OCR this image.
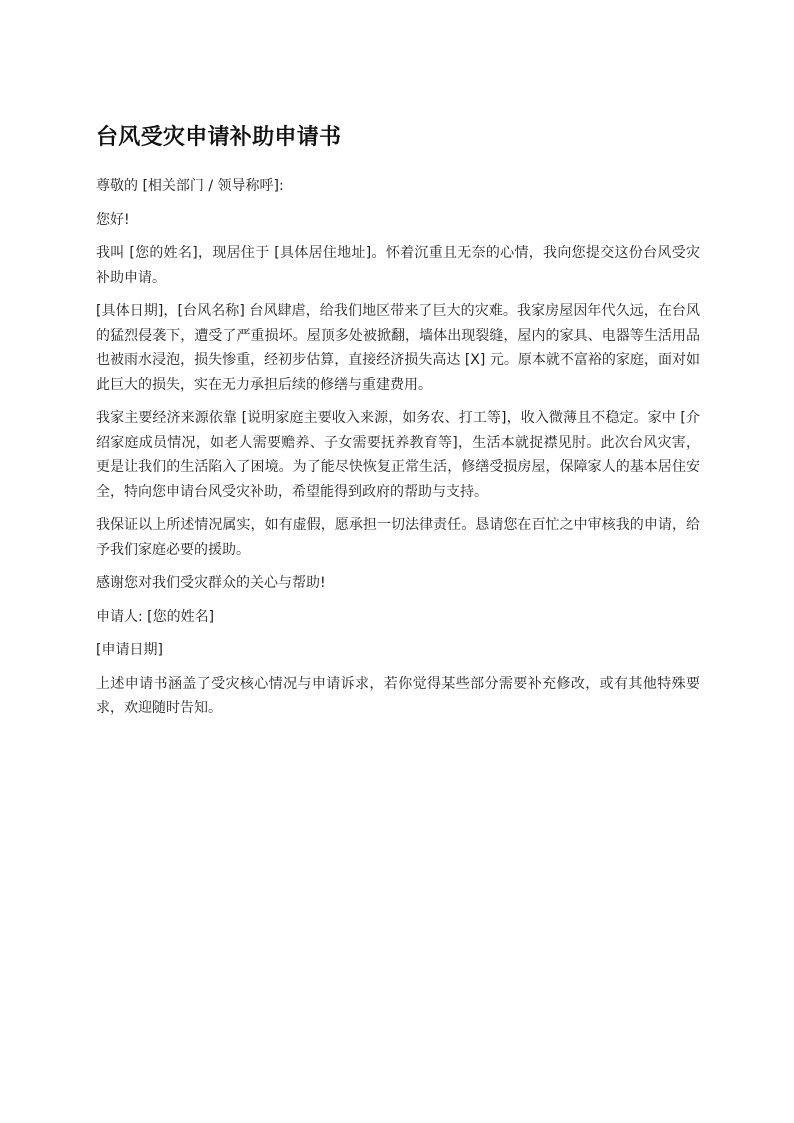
台风受灾申请补助申请书

尊敬的 [相关部门 / 领导称呼]:

您好!

我叫 [您的姓名]，现居住于 [具体居住地址]。怀着沉重且无奈的心情，我向您提交这份台风受灾补助申请。

[具体日期]，[台风名称] 台风肆虐，给我们地区带来了巨大的灾难。我家房屋因年代久远，在台风的猛烈侵袭下，遭受了严重损坏。屋顶多处被掀翻，墙体出现裂缝，屋内的家具、电器等生活用品也被雨水浸泡，损失惨重，经初步估算，直接经济损失高达 [X] 元。原本就不富裕的家庭，面对如此巨大的损失，实在无力承担后续的修缮与重建费用。

我家主要经济来源依靠 [说明家庭主要收入来源，如务农、打工等]，收入微薄且不稳定。家中 [介绍家庭成员情况，如老人需要赡养、子女需要抚养教育等]，生活本就捉襟见肘。此次台风灾害，更是让我们的生活陷入了困境。为了能尽快恢复正常生活，修缮受损房屋，保障家人的基本居住安全，特向您申请台风受灾补助，希望能得到政府的帮助与支持。

我保证以上所述情况属实，如有虚假，愿承担一切法律责任。恳请您在百忙之中审核我的申请，给予我们家庭必要的援助。

感谢您对我们受灾群众的关心与帮助!

申请人: [您的姓名]

[申请日期]

上述申请书涵盖了受灾核心情况与申请诉求，若你觉得某些部分需要补充修改，或有其他特殊要求，欢迎随时告知。
